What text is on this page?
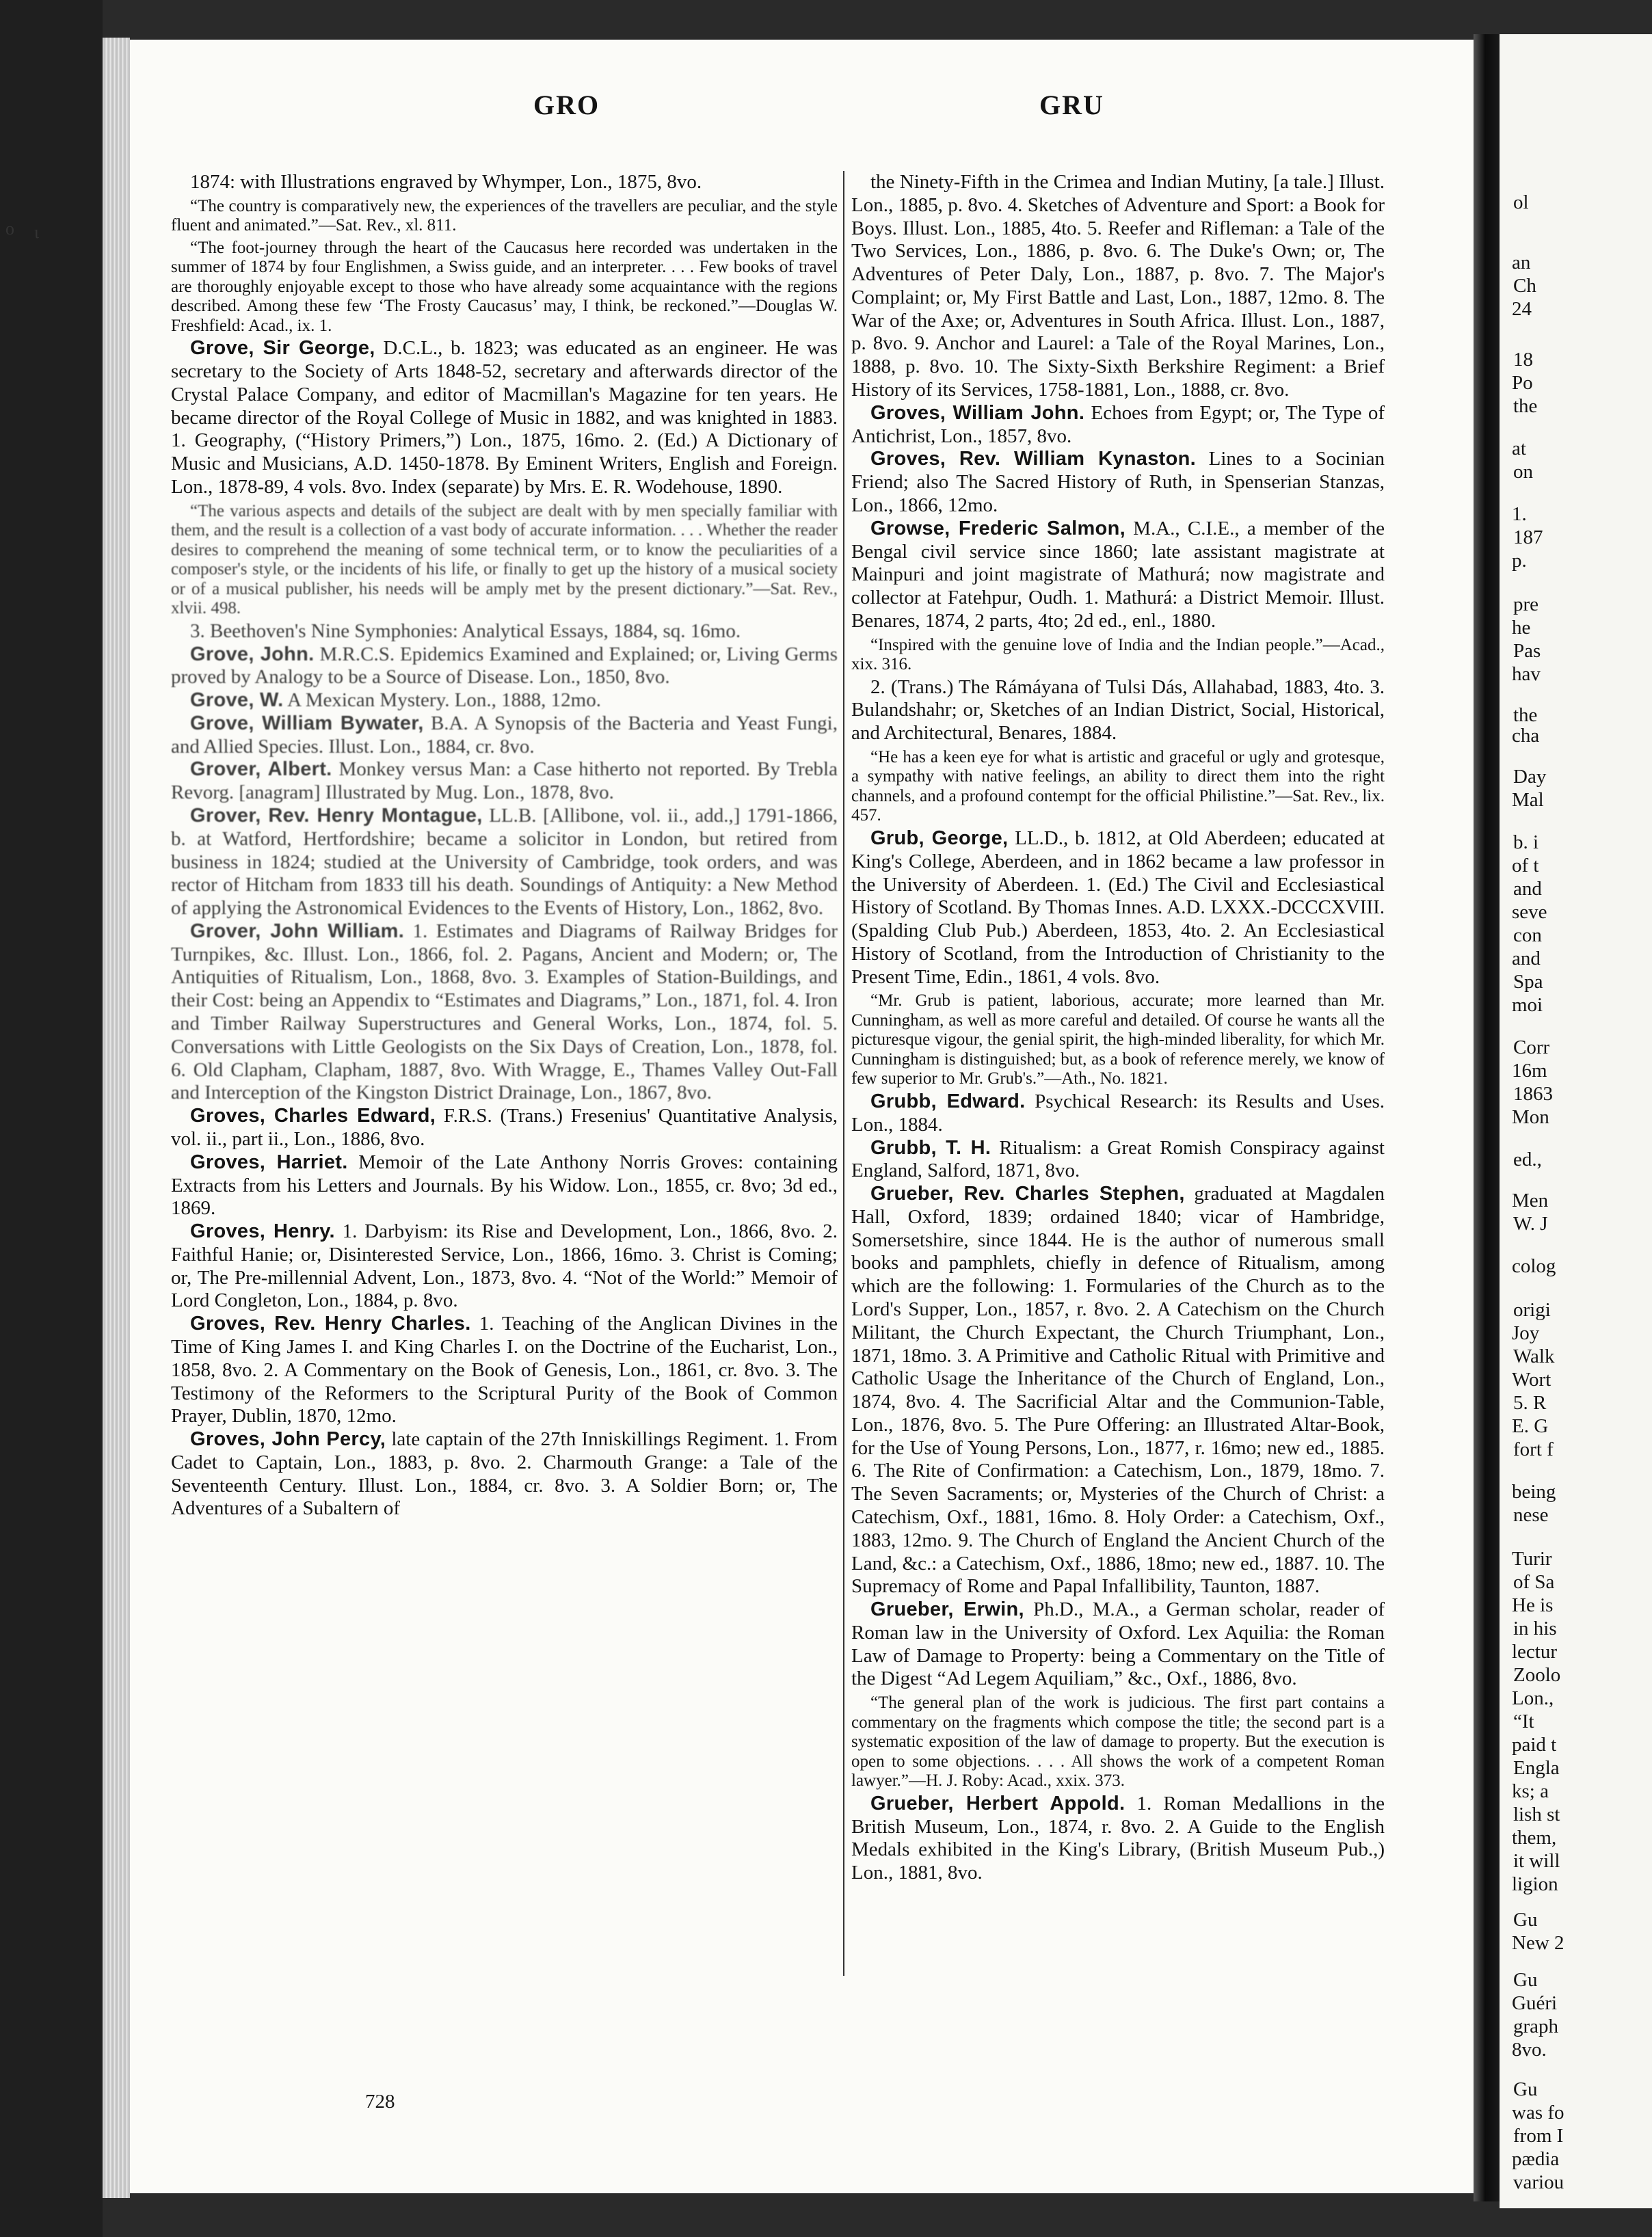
GRO	GRU

1874: with Illustrations engraved by Whymper, Lon., 1875, 8vo.

“The country is comparatively new, the experiences of the travellers are peculiar, and the style fluent and animated.”—Sat. Rev., xl. 811.

“The foot-journey through the heart of the Caucasus here recorded was undertaken in the summer of 1874 by four Englishmen, a Swiss guide, and an interpreter. . . . Few books of travel are thoroughly enjoyable except to those who have already some acquaintance with the regions described. Among these few ‘The Frosty Caucasus’ may, I think, be reckoned.”—Douglas W. Freshfield: Acad., ix. 1.

Grove, Sir George, D.C.L., b. 1823; was educated as an engineer. He was secretary to the Society of Arts 1848-52, secretary and afterwards director of the Crystal Palace Company, and editor of Macmillan's Magazine for ten years. He became director of the Royal College of Music in 1882, and was knighted in 1883. 1. Geography, (“History Primers,”) Lon., 1875, 16mo. 2. (Ed.) A Dictionary of Music and Musicians, A.D. 1450-1878. By Eminent Writers, English and Foreign. Lon., 1878-89, 4 vols. 8vo. Index (separate) by Mrs. E. R. Wodehouse, 1890.

“The various aspects and details of the subject are dealt with by men specially familiar with them, and the result is a collection of a vast body of accurate information. . . . Whether the reader desires to comprehend the meaning of some technical term, or to know the peculiarities of a composer's style, or the incidents of his life, or finally to get up the history of a musical society or of a musical publisher, his needs will be amply met by the present dictionary.”—Sat. Rev., xlvii. 498.

3. Beethoven's Nine Symphonies: Analytical Essays, 1884, sq. 16mo.

Grove, John. M.R.C.S. Epidemics Examined and Explained; or, Living Germs proved by Analogy to be a Source of Disease. Lon., 1850, 8vo.

Grove, W. A Mexican Mystery. Lon., 1888, 12mo.

Grove, William Bywater, B.A. A Synopsis of the Bacteria and Yeast Fungi, and Allied Species. Illust. Lon., 1884, cr. 8vo.

Grover, Albert. Monkey versus Man: a Case hitherto not reported. By Trebla Revorg. [anagram] Illustrated by Mug. Lon., 1878, 8vo.

Grover, Rev. Henry Montague, LL.B. [Allibone, vol. ii., add.,] 1791-1866, b. at Watford, Hertfordshire; became a solicitor in London, but retired from business in 1824; studied at the University of Cambridge, took orders, and was rector of Hitcham from 1833 till his death. Soundings of Antiquity: a New Method of applying the Astronomical Evidences to the Events of History, Lon., 1862, 8vo.

Grover, John William. 1. Estimates and Diagrams of Railway Bridges for Turnpikes, &c. Illust. Lon., 1866, fol. 2. Pagans, Ancient and Modern; or, The Antiquities of Ritualism, Lon., 1868, 8vo. 3. Examples of Station-Buildings, and their Cost: being an Appendix to “Estimates and Diagrams,” Lon., 1871, fol. 4. Iron and Timber Railway Superstructures and General Works, Lon., 1874, fol. 5. Conversations with Little Geologists on the Six Days of Creation, Lon., 1878, fol. 6. Old Clapham, Clapham, 1887, 8vo. With Wragge, E., Thames Valley Out-Fall and Interception of the Kingston District Drainage, Lon., 1867, 8vo.

Groves, Charles Edward, F.R.S. (Trans.) Fresenius' Quantitative Analysis, vol. ii., part ii., Lon., 1886, 8vo.

Groves, Harriet. Memoir of the Late Anthony Norris Groves: containing Extracts from his Letters and Journals. By his Widow. Lon., 1855, cr. 8vo; 3d ed., 1869.

Groves, Henry. 1. Darbyism: its Rise and Development, Lon., 1866, 8vo. 2. Faithful Hanie; or, Disinterested Service, Lon., 1866, 16mo. 3. Christ is Coming; or, The Pre-millennial Advent, Lon., 1873, 8vo. 4. “Not of the World:” Memoir of Lord Congleton, Lon., 1884, p. 8vo.

Groves, Rev. Henry Charles. 1. Teaching of the Anglican Divines in the Time of King James I. and King Charles I. on the Doctrine of the Eucharist, Lon., 1858, 8vo. 2. A Commentary on the Book of Genesis, Lon., 1861, cr. 8vo. 3. The Testimony of the Reformers to the Scriptural Purity of the Book of Common Prayer, Dublin, 1870, 12mo.

Groves, John Percy, late captain of the 27th Inniskillings Regiment. 1. From Cadet to Captain, Lon., 1883, p. 8vo. 2. Charmouth Grange: a Tale of the Seventeenth Century. Illust. Lon., 1884, cr. 8vo. 3. A Soldier Born; or, The Adventures of a Subaltern of

the Ninety-Fifth in the Crimea and Indian Mutiny, [a tale.] Illust. Lon., 1885, p. 8vo. 4. Sketches of Adventure and Sport: a Book for Boys. Illust. Lon., 1885, 4to. 5. Reefer and Rifleman: a Tale of the Two Services, Lon., 1886, p. 8vo. 6. The Duke's Own; or, The Adventures of Peter Daly, Lon., 1887, p. 8vo. 7. The Major's Complaint; or, My First Battle and Last, Lon., 1887, 12mo. 8. The War of the Axe; or, Adventures in South Africa. Illust. Lon., 1887, p. 8vo. 9. Anchor and Laurel: a Tale of the Royal Marines, Lon., 1888, p. 8vo. 10. The Sixty-Sixth Berkshire Regiment: a Brief History of its Services, 1758-1881, Lon., 1888, cr. 8vo.

Groves, William John. Echoes from Egypt; or, The Type of Antichrist, Lon., 1857, 8vo.

Groves, Rev. William Kynaston. Lines to a Socinian Friend; also The Sacred History of Ruth, in Spenserian Stanzas, Lon., 1866, 12mo.

Growse, Frederic Salmon, M.A., C.I.E., a member of the Bengal civil service since 1860; late assistant magistrate at Mainpuri and joint magistrate of Mathurá; now magistrate and collector at Fatehpur, Oudh. 1. Mathurá: a District Memoir. Illust. Benares, 1874, 2 parts, 4to; 2d ed., enl., 1880.

“Inspired with the genuine love of India and the Indian people.”—Acad., xix. 316.

2. (Trans.) The Rámáyana of Tulsi Dás, Allahabad, 1883, 4to. 3. Bulandshahr; or, Sketches of an Indian District, Social, Historical, and Architectural, Benares, 1884.

“He has a keen eye for what is artistic and graceful or ugly and grotesque, a sympathy with native feelings, an ability to direct them into the right channels, and a profound contempt for the official Philistine.”—Sat. Rev., lix. 457.

Grub, George, LL.D., b. 1812, at Old Aberdeen; educated at King's College, Aberdeen, and in 1862 became a law professor in the University of Aberdeen. 1. (Ed.) The Civil and Ecclesiastical History of Scotland. By Thomas Innes. A.D. LXXX.-DCCCXVIII. (Spalding Club Pub.) Aberdeen, 1853, 4to. 2. An Ecclesiastical History of Scotland, from the Introduction of Christianity to the Present Time, Edin., 1861, 4 vols. 8vo.

“Mr. Grub is patient, laborious, accurate; more learned than Mr. Cunningham, as well as more careful and detailed. Of course he wants all the picturesque vigour, the genial spirit, the high-minded liberality, for which Mr. Cunningham is distinguished; but, as a book of reference merely, we know of few superior to Mr. Grub's.”—Ath., No. 1821.

Grubb, Edward. Psychical Research: its Results and Uses. Lon., 1884.

Grubb, T. H. Ritualism: a Great Romish Conspiracy against England, Salford, 1871, 8vo.

Grueber, Rev. Charles Stephen, graduated at Magdalen Hall, Oxford, 1839; ordained 1840; vicar of Hambridge, Somersetshire, since 1844. He is the author of numerous small books and pamphlets, chiefly in defence of Ritualism, among which are the following: 1. Formularies of the Church as to the Lord's Supper, Lon., 1857, r. 8vo. 2. A Catechism on the Church Militant, the Church Expectant, the Church Triumphant, Lon., 1871, 18mo. 3. A Primitive and Catholic Ritual with Primitive and Catholic Usage the Inheritance of the Church of England, Lon., 1874, 8vo. 4. The Sacrificial Altar and the Communion-Table, Lon., 1876, 8vo. 5. The Pure Offering: an Illustrated Altar-Book, for the Use of Young Persons, Lon., 1877, r. 16mo; new ed., 1885. 6. The Rite of Confirmation: a Catechism, Lon., 1879, 18mo. 7. The Seven Sacraments; or, Mysteries of the Church of Christ: a Catechism, Oxf., 1881, 16mo. 8. Holy Order: a Catechism, Oxf., 1883, 12mo. 9. The Church of England the Ancient Church of the Land, &c.: a Catechism, Oxf., 1886, 18mo; new ed., 1887. 10. The Supremacy of Rome and Papal Infallibility, Taunton, 1887.

Grueber, Erwin, Ph.D., M.A., a German scholar, reader of Roman law in the University of Oxford. Lex Aquilia: the Roman Law of Damage to Property: being a Commentary on the Title of the Digest “Ad Legem Aquiliam,” &c., Oxf., 1886, 8vo.

“The general plan of the work is judicious. The first part contains a commentary on the fragments which compose the title; the second part is a systematic exposition of the law of damage to property. But the execution is open to some objections. . . . All shows the work of a competent Roman lawyer.”—H. J. Roby: Acad., xxix. 373.

Grueber, Herbert Appold. 1. Roman Medallions in the British Museum, Lon., 1874, r. 8vo. 2. A Guide to the English Medals exhibited in the King's Library, (British Museum Pub.,) Lon., 1881, 8vo.

728
ol
an
Ch
24
18
Po
the
at
on
1.
187
p.
pre
he
Pas
hav
the
cha
Day
Mal
b. i
of t
and
seve
con
and
Spa
moi
Corr
16m
1863
Mon
ed.,
Men
W. J
colog
origi
Joy
Walk
Wort
5. R
E. G
fort f
being
nese
Turir
of Sa
He is
in his
lectur
Zoolo
Lon.,
“It
paid t
Engla
ks; a
lish st
them,
it will
ligion
Gu
New 2
Gu
Guéri
graph
8vo.
Gu
was fo
from I
pædia
variou
o ι
